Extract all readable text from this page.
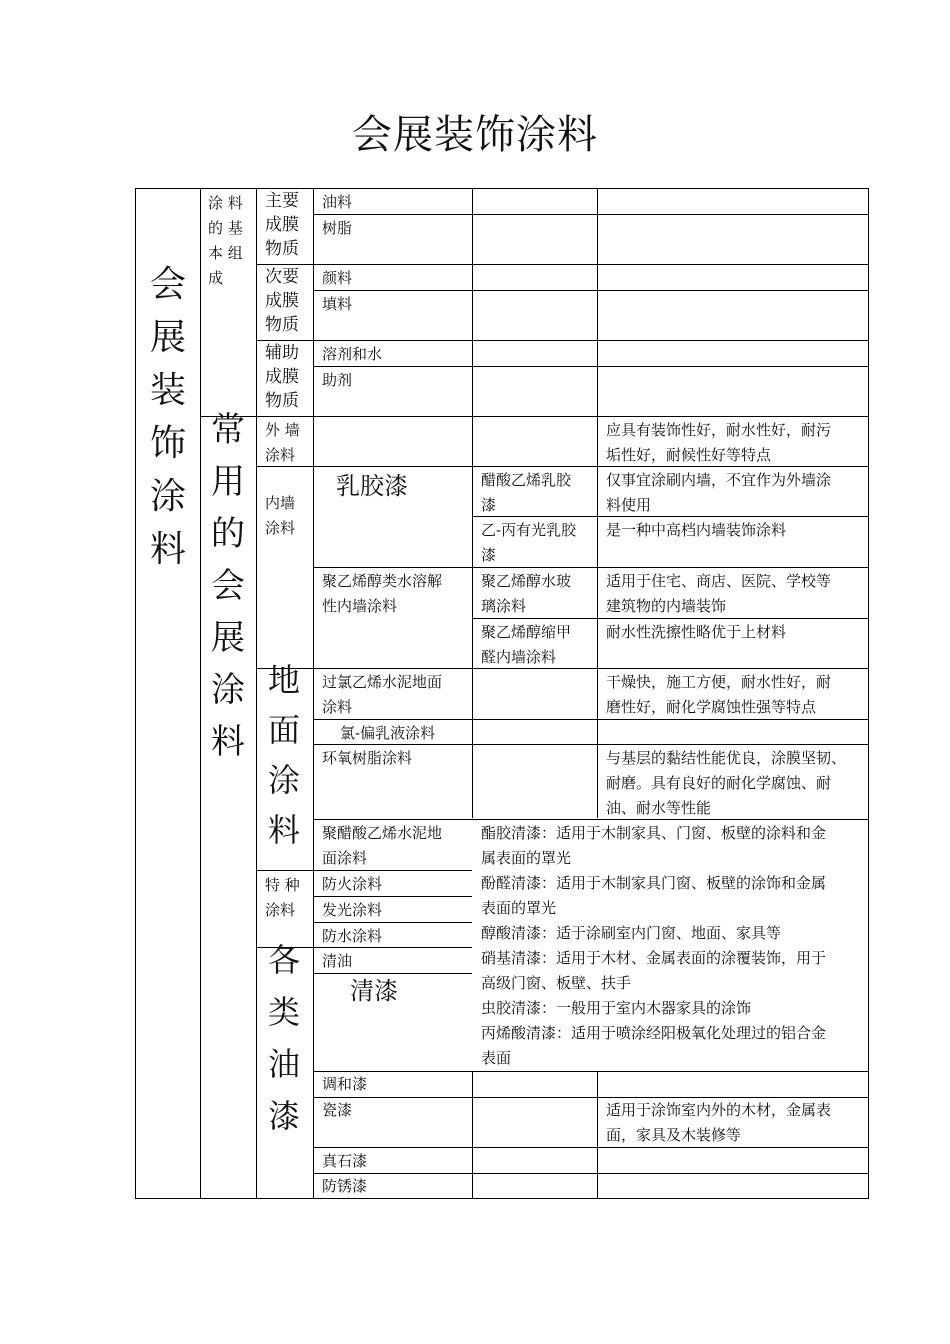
会展装饰涂料
会
展
装
饰
涂
料
涂 料
的 基
本 组
成
常
用
的
会
展
涂
料
主要
成膜
物质
次要
成膜
物质
辅助
成膜
物质
外 墙
涂料
内墙
涂料
地
面
涂
料
特 种
涂料
各
类
油
漆
油料
树脂
颜料
填料
溶剂和水
助剂
乳胶漆
聚乙烯醇类水溶解
性内墙涂料
过氯乙烯水泥地面
涂料
氯-偏乳液涂料
环氧树脂涂料
聚醋酸乙烯水泥地
面涂料
防火涂料
发光涂料
防水涂料
清油
清漆
调和漆
瓷漆
真石漆
防锈漆
醋酸乙烯乳胶
漆
乙-丙有光乳胶
漆
聚乙烯醇水玻
璃涂料
聚乙烯醇缩甲
醛内墙涂料
酯胶清漆：适用于木制家具、门窗、板壁的涂料和金
属表面的罩光
酚醛清漆：适用于木制家具门窗、板壁的涂饰和金属
表面的罩光
醇酸清漆：适于涂刷室内门窗、地面、家具等
硝基清漆：适用于木材、金属表面的涂覆装饰，用于
高级门窗、板壁、扶手
虫胶清漆：一般用于室内木器家具的涂饰
丙烯酸清漆：适用于喷涂经阳极氧化处理过的铝合金
表面
应具有装饰性好，耐水性好，耐污
垢性好，耐候性好等特点
仅事宜涂刷内墙，不宜作为外墙涂
料使用
是一种中高档内墙装饰涂料
适用于住宅、商店、医院、学校等
建筑物的内墙装饰
耐水性洗擦性略优于上材料
干燥快，施工方便，耐水性好，耐
磨性好，耐化学腐蚀性强等特点
与基层的黏结性能优良，涂膜坚韧、
耐磨。具有良好的耐化学腐蚀、耐
油、耐水等性能
适用于涂饰室内外的木材，金属表
面，家具及木装修等
